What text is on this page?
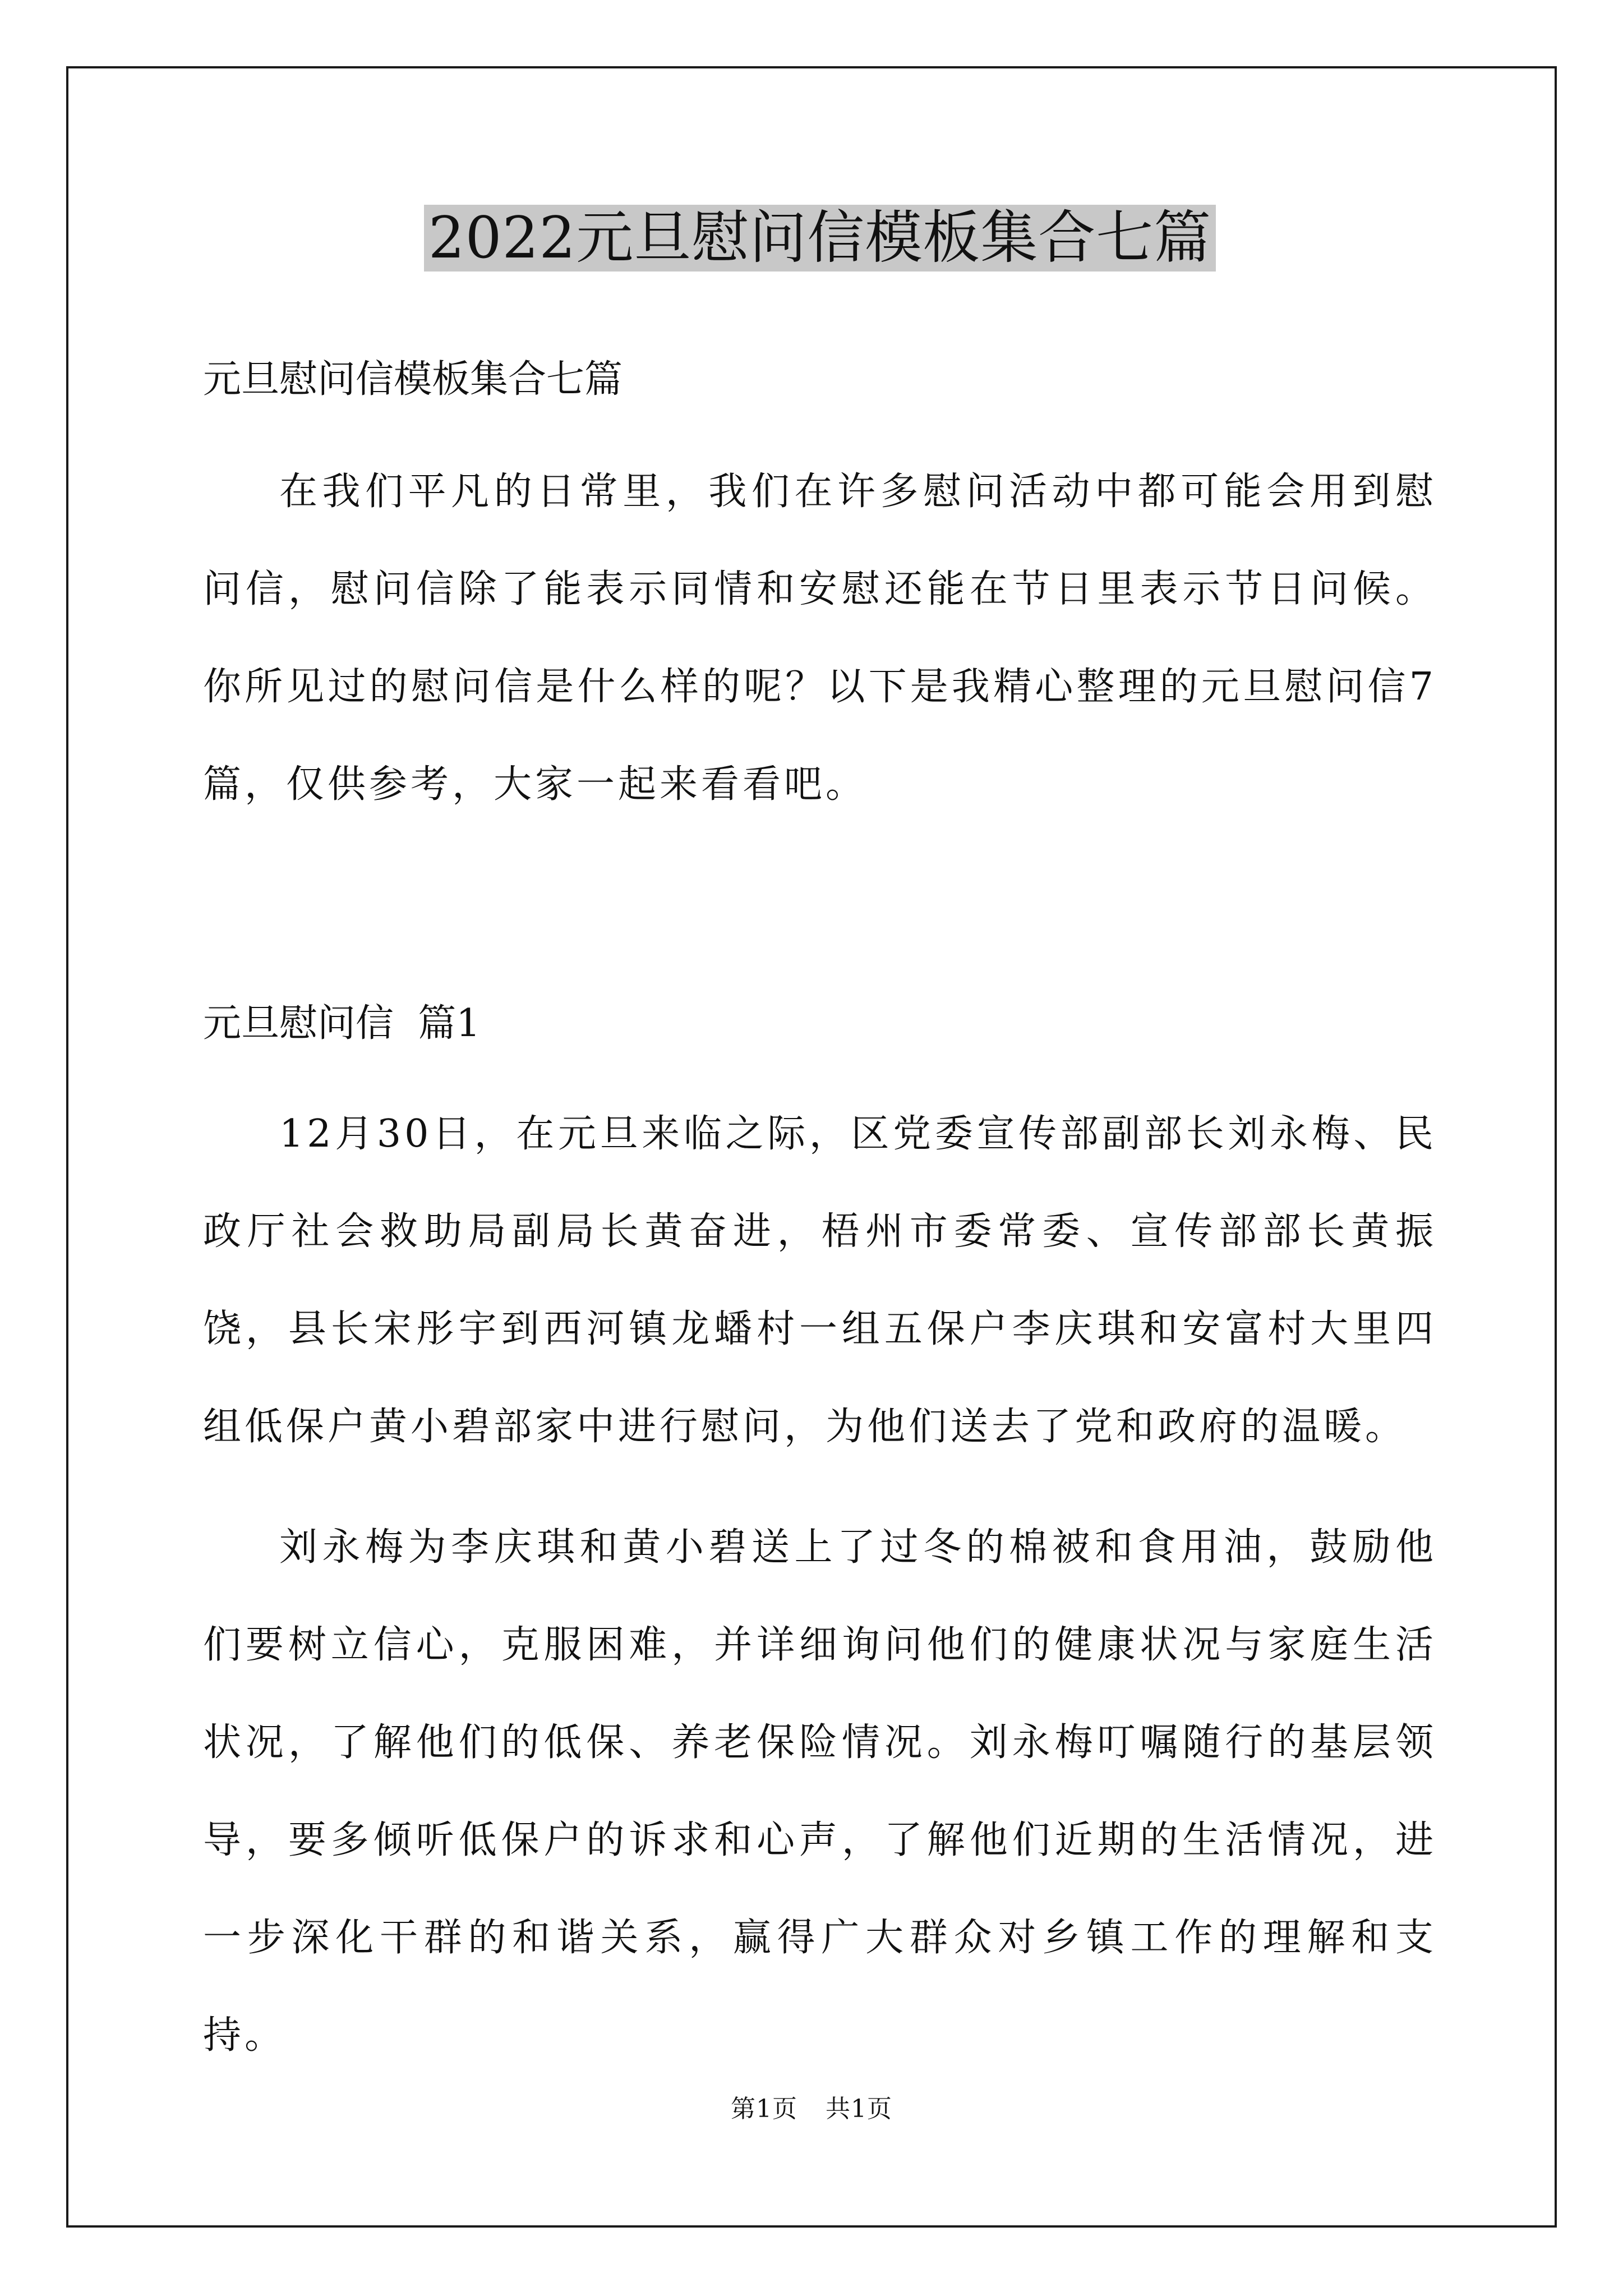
2022元旦慰问信模板集合七篇

元旦慰问信模板集合七篇

在我们平凡的日常里，我们在许多慰问活动中都可能会用到慰问信，慰问信除了能表示同情和安慰还能在节日里表示节日问候。你所见过的慰问信是什么样的呢？以下是我精心整理的元旦慰问信7篇，仅供参考，大家一起来看看吧。

元旦慰问信  篇1

12月30日，在元旦来临之际，区党委宣传部副部长刘永梅、民政厅社会救助局副局长黄奋进，梧州市委常委、宣传部部长黄振饶，县长宋彤宇到西河镇龙蟠村一组五保户李庆琪和安富村大里四组低保户黄小碧部家中进行慰问，为他们送去了党和政府的温暖。

刘永梅为李庆琪和黄小碧送上了过冬的棉被和食用油，鼓励他们要树立信心，克服困难，并详细询问他们的健康状况与家庭生活状况，了解他们的低保、养老保险情况。刘永梅叮嘱随行的基层领导，要多倾听低保户的诉求和心声，了解他们近期的生活情况，进一步深化干群的和谐关系，赢得广大群众对乡镇工作的理解和支持。

第1页 共1页
